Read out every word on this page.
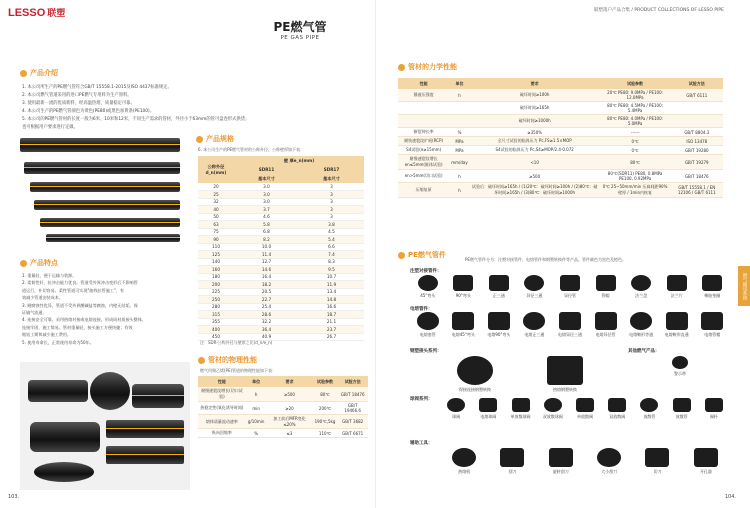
LESSO 联塑	联塑落户产品合集 / PRODUCT COLLECTIONS OF LESSO PIPE
PE燃气管
PE GAS PIPE
产品介绍
1. 本公司所生产的PE燃气管符合GB/T 15558.1-2015及ISO 4437标准规定。
2. 本公司燃气管道采用的进口PE燃气专用料为生产原料。
3. 使用最新一流的优质新料，经高温热熔，质量稳定可靠。
4. 本公司生产的PE燃气管颜色为黄色(PE80)或黑色加黄条(PE100)。
5. 本公司的PE燃气管材的长度一般为6米、10米和12米，不同生产需求的管材，外径小于63mm的管可盘卷形式供货；
也可根据用户要求进行定做。
产品规格
6. 本公司生产的PE燃气管材的公称外径、公称壁厚如下表：
公称外径
d_n(mm)	壁 厚e_n(mm)	
	SDR11	SDR17
	基本尺寸	基本尺寸
20	3.0	3
25	3.0	3
32	3.0	3
40	3.7	3
50	4.6	3
63	5.8	3.8
75	6.8	4.5
90	8.2	5.4
110	10.0	6.6
125	11.4	7.4
140	12.7	8.3
160	14.6	9.5
180	16.4	10.7
200	18.2	11.9
225	20.5	13.4
250	22.7	14.8
280	25.4	16.6
315	28.6	18.7
355	32.2	21.1
400	36.4	23.7
450	40.9	26.7
注：SDR-公称外径与壁厚之比(d_n/e_n)
产品特点
1. 重量轻，便于运输与装卸。
2. 柔韧性好，抗冲击能力优良。管道受外界冲击变形后不影响管
道运行，补切容易。柔性管道可实现"曲线拉管施工"，有
效减少管道安装成本。
3. 耐腐蚀性优异，管道不受外界酸碱盐等腐蚀，内壁无结垢，保
证输气流通。
4. 连接安全可靠。采用热熔对接或电熔连接，形成同材质接头整体，
连接牢固，施工简易。管材重量轻，接头施工方便快捷；有效
缩短工期和减少施工费用。
5. 使用寿命长，正常使用寿命为50年。
管材的物理性能
燃气用聚乙烯(PE)管道的物理性能如下表：
性能	单位	要求	试验参数	试验方法
耐慢速裂纹增长(切口试验)	h	≥500	80℃	GB/T 18476
热稳定性(氧化诱导时间)	min	≥20	200℃	GB/T 19466.6
熔体质量流动速率	g/10min	加工前后MFR变化≤20%	190℃,5kg	GB/T 3682
纵向回缩率	%	≤3	110℃	GB/T 6671
管材的力学性能
性能	单位	要求	试验参数	试验方法
静液压强度	h	破坏时间≥100h	20℃ PE80: 9.0MPa / PE100: 12.0MPa	GB/T 6111
		破坏时间≥165h	80℃ PE80: 4.5MPa / PE100: 5.4MPa	
		破坏时间≥1000h	80℃ PE80: 4.0MPa / PE100: 5.0MPa	
断裂伸长率	%	≥350%	------	GB/T 8804.3
耐快速裂纹扩展(RCP)	MPa	全尺寸试验的临界压力 Pc,FS≥1.5×MOP	0℃	ISO 13478
S4试验(e≥15mm)	MPa	S4试验的临界压力 Pc,S4≥MOP/2.4-0.072	0℃	GB/T 19280
耐慢速裂纹增长 en≤5mm(锥体试验)	mm/day	<10	80℃	GB/T 19279
en>5mm(切口试验)	h	≥500	80℃(SDR11) PE80, 0.8MPa PE100, 0.92MPa	GB/T 18476
压缩复原	h	试验后：破坏时间≥165h / (1)20℃：破坏时间≥100h / (2)80℃：破坏时间≥165h / (3)80℃：破坏时间≥1000h	0℃ 25~50mm/min 压扁间距90%壁厚 / 1min内恢复	GB/T 15558.1 / EN 12106 / GB/T 6111
PE燃气管件
PE燃气管件分为：注塑对接管件、电熔管件和钢塑转换件等产品。管件颜色为黑色及橙色。
注塑对接管件：
45°弯头	90°弯头	正三通	异径三通	异径管	管帽	法兰盘	法兰片	橡胶垫圈
电熔管件：
电熔套管	电熔45°弯头	电熔90°弯头	电熔正三通	电熔异径三通	电熔异径管	电熔鞍形旁通	电熔鞍形直通	电熔管帽
钢塑接头系列：
焊接连接钢塑转换	热熔钢塑转换
其他燃气产品：
警示带
球阀系列：
球阀	电熔球阀	单放散球阀	双放散球阀	单放散阀	双放散阀	放散管	放散管	阀杆
辅助工具：
热熔机	刮刀	旋转刮刀	大小刮刀	切刀	开孔器
燃气输送系统
103.	104.
